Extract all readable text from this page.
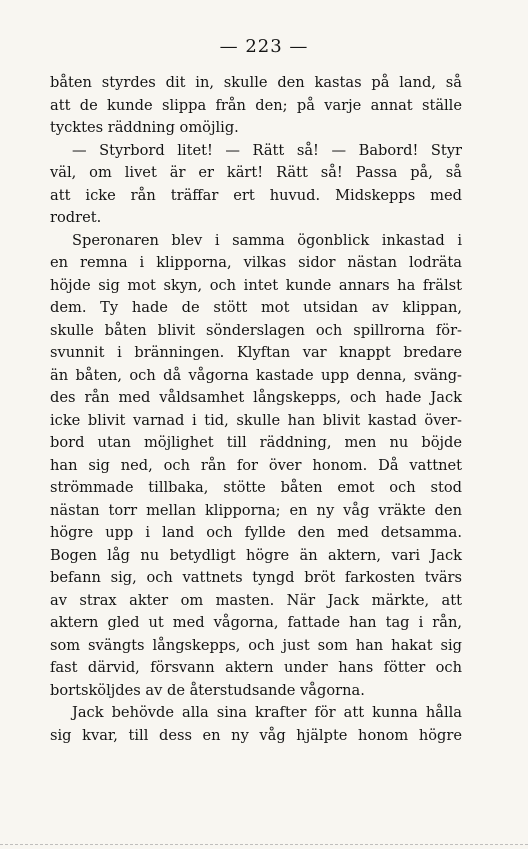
— 223 —
båten styrdes dit in, skulle den kastas på land, så
att de kunde slippa från den; på varje annat ställe
tycktes räddning omöjlig.
— Styrbord litet! — Rätt så! — Babord! Styr
väl, om livet är er kärt! Rätt så! Passa på, så
att icke rån träffar ert huvud. Midskepps med
rodret.
Speronaren blev i samma ögonblick inkastad i
en remna i klipporna, vilkas sidor nästan lodräta
höjde sig mot skyn, och intet kunde annars ha frälst
dem. Ty hade de stött mot utsidan av klippan,
skulle båten blivit sönderslagen och spillrorna för-
svunnit i bränningen. Klyftan var knappt bredare
än båten, och då vågorna kastade upp denna, sväng-
des rån med våldsamhet långskepps, och hade Jack
icke blivit varnad i tid, skulle han blivit kastad över-
bord utan möjlighet till räddning, men nu böjde
han sig ned, och rån for över honom. Då vattnet
strömmade tillbaka, stötte båten emot och stod
nästan torr mellan klipporna; en ny våg vräkte den
högre upp i land och fyllde den med detsamma.
Bogen låg nu betydligt högre än aktern, vari Jack
befann sig, och vattnets tyngd bröt farkosten tvärs
av strax akter om masten. När Jack märkte, att
aktern gled ut med vågorna, fattade han tag i rån,
som svängts långskepps, och just som han hakat sig
fast därvid, försvann aktern under hans fötter och
bortsköljdes av de återstudsande vågorna.
Jack behövde alla sina krafter för att kunna hålla
sig kvar, till dess en ny våg hjälpte honom högre
